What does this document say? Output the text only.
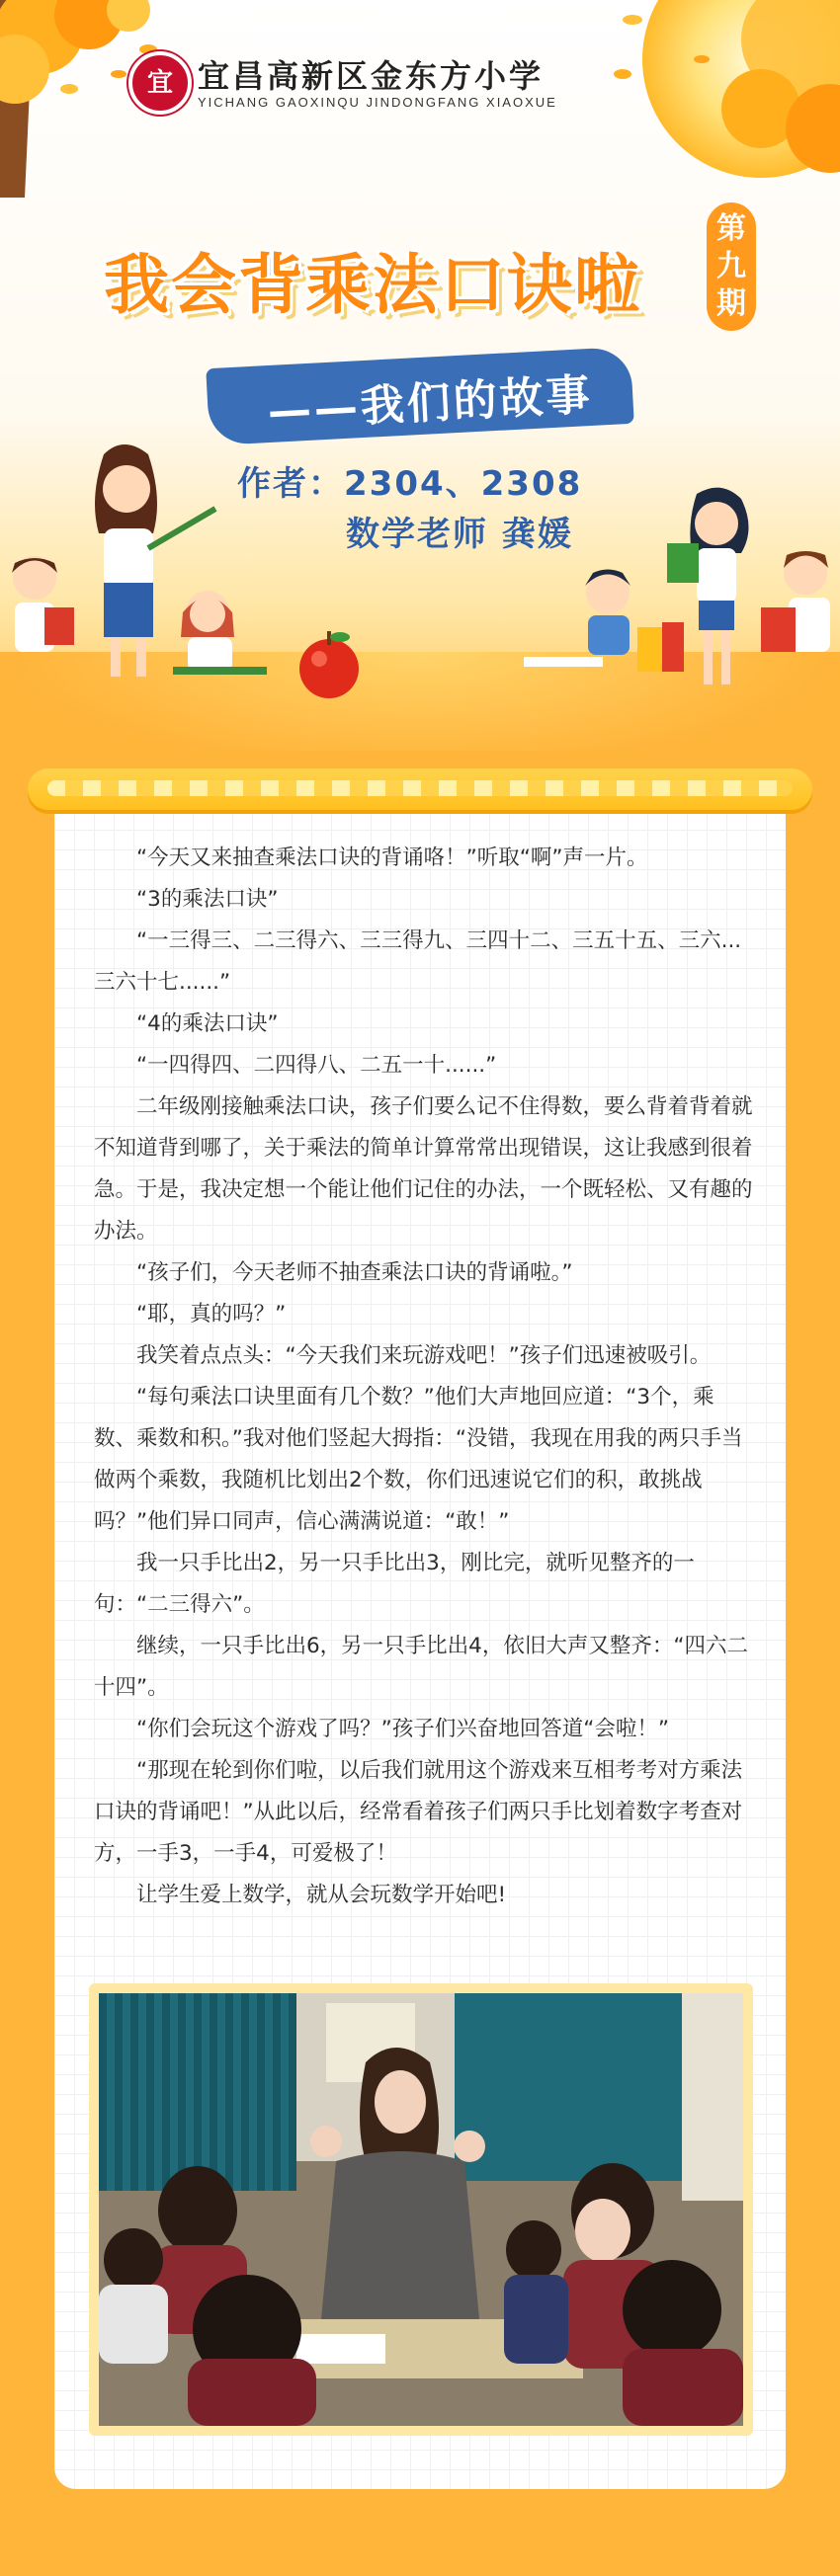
宜 宜昌高新区金东方小学
YICHANG GAOXINQU JINDONGFANG XIAOXUE
我会背乘法口诀啦
第
九
期
——我们的故事
作者：2304、2308
数学老师 龚媛

“今天又来抽查乘法口诀的背诵咯！”听取“啊”声一片。

“3的乘法口诀”

“一三得三、二三得六、三三得九、三四十二、三五十五、三六...三六十七......”

“4的乘法口诀”

“一四得四、二四得八、二五一十......”

二年级刚接触乘法口诀，孩子们要么记不住得数，要么背着背着就不知道背到哪了，关于乘法的简单计算常常出现错误，这让我感到很着急。于是，我决定想一个能让他们记住的办法，一个既轻松、又有趣的办法。

“孩子们，今天老师不抽查乘法口诀的背诵啦。”

“耶，真的吗？”

我笑着点点头：“今天我们来玩游戏吧！”孩子们迅速被吸引。

“每句乘法口诀里面有几个数？”他们大声地回应道：“3个，乘数、乘数和积。”我对他们竖起大拇指：“没错，我现在用我的两只手当做两个乘数，我随机比划出2个数，你们迅速说它们的积，敢挑战吗？”他们异口同声，信心满满说道：“敢！”

我一只手比出2，另一只手比出3，刚比完，就听见整齐的一句：“二三得六”。

继续，一只手比出6，另一只手比出4，依旧大声又整齐：“四六二十四”。

“你们会玩这个游戏了吗？”孩子们兴奋地回答道“会啦！”

“那现在轮到你们啦，以后我们就用这个游戏来互相考考对方乘法口诀的背诵吧！”从此以后，经常看着孩子们两只手比划着数字考查对方，一手3，一手4，可爱极了！

让学生爱上数学，就从会玩数学开始吧!
